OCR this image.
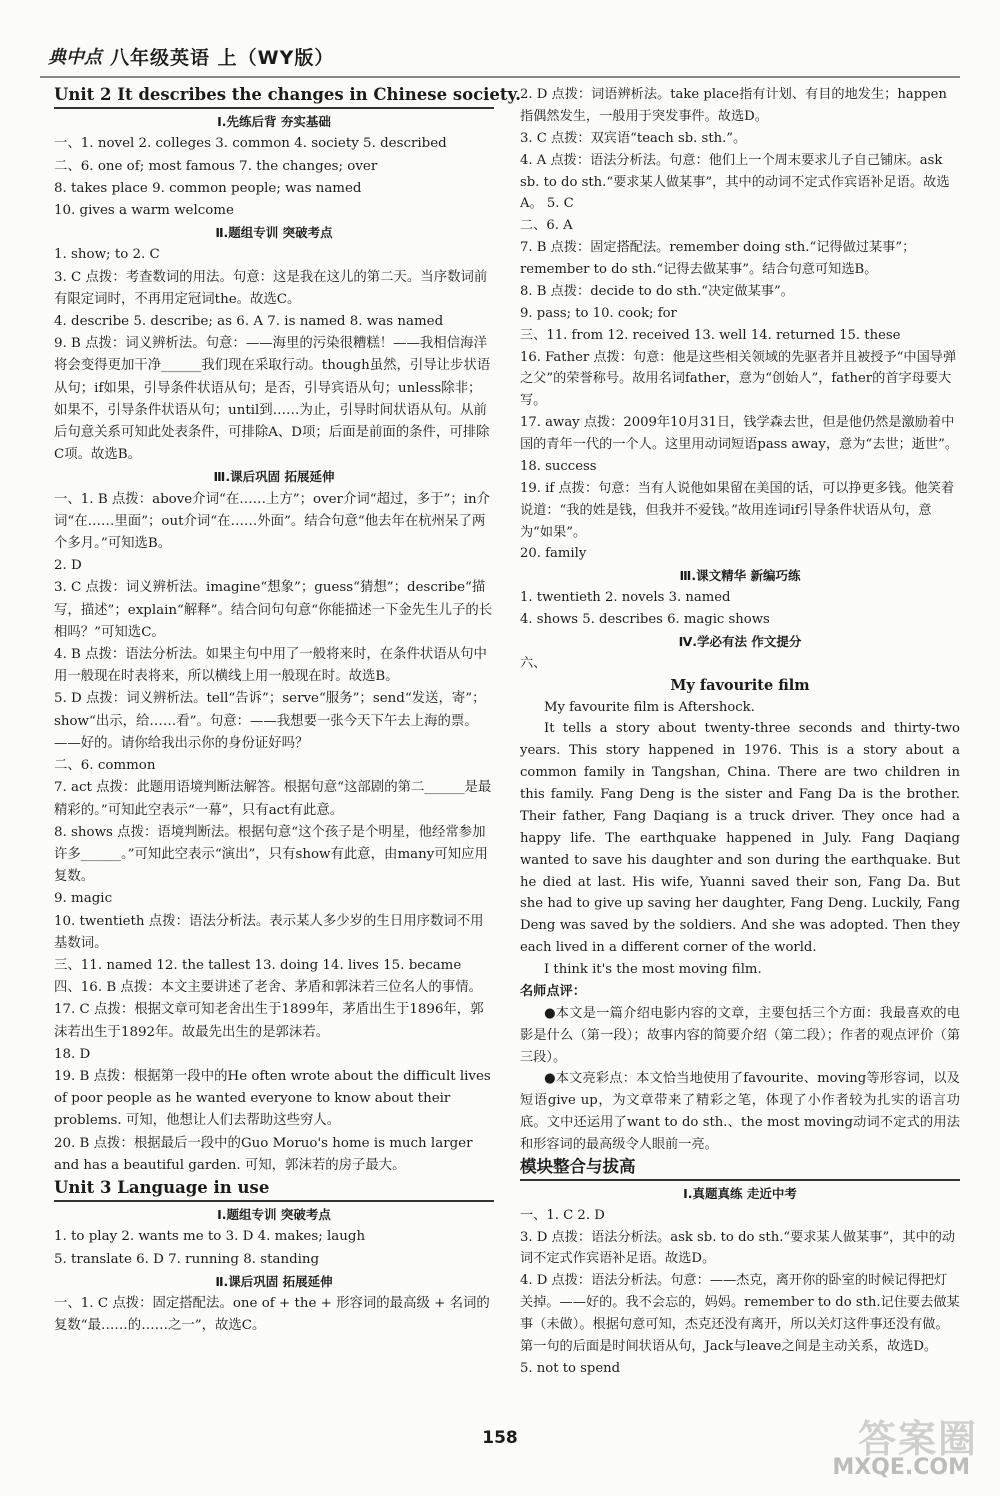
典中点 八年级英语 上（WY版）
Unit 2 It describes the changes in Chinese society.
Ⅰ.先练后背 夯实基础
一、1. novel 2. colleges 3. common 4. society 5. described
二、6. one of; most famous 7. the changes; over
8. takes place 9. common people; was named
10. gives a warm welcome
Ⅱ.题组专训 突破考点
1. show; to 2. C
3. C 点拨：考查数词的用法。句意：这是我在这儿的第二天。当序数词前有限定词时，不再用定冠词the。故选C。
4. describe 5. describe; as 6. A 7. is named 8. was named
9. B 点拨：词义辨析法。句意：——海里的污染很糟糕！——我相信海洋将会变得更加干净______我们现在采取行动。though虽然，引导让步状语从句；if如果，引导条件状语从句；是否，引导宾语从句；unless除非；如果不，引导条件状语从句；until到……为止，引导时间状语从句。从前后句意关系可知此处表条件，可排除A、D项；后面是前面的条件，可排除C项。故选B。
Ⅲ.课后巩固 拓展延伸
一、1. B 点拨：above介词“在……上方”；over介词“超过，多于”；in介词“在……里面”；out介词“在……外面”。结合句意“他去年在杭州呆了两个多月。”可知选B。
2. D
3. C 点拨：词义辨析法。imagine“想象”；guess“猜想”；describe“描写，描述”；explain“解释”。结合问句句意“你能描述一下金先生儿子的长相吗？”可知选C。
4. B 点拨：语法分析法。如果主句中用了一般将来时，在条件状语从句中用一般现在时表将来，所以横线上用一般现在时。故选B。
5. D 点拨：词义辨析法。tell“告诉”；serve“服务”；send“发送，寄”；show“出示，给……看”。句意：——我想要一张今天下午去上海的票。——好的。请你给我出示你的身份证好吗？
二、6. common
7. act 点拨：此题用语境判断法解答。根据句意“这部剧的第二______是最精彩的。”可知此空表示“一幕”，只有act有此意。
8. shows 点拨：语境判断法。根据句意“这个孩子是个明星，他经常参加许多______。”可知此空表示“演出”，只有show有此意，由many可知应用复数。
9. magic
10. twentieth 点拨：语法分析法。表示某人多少岁的生日用序数词不用基数词。
三、11. named 12. the tallest 13. doing 14. lives 15. became
四、16. B 点拨：本文主要讲述了老舍、茅盾和郭沫若三位名人的事情。
17. C 点拨：根据文章可知老舍出生于1899年，茅盾出生于1896年，郭沫若出生于1892年。故最先出生的是郭沫若。
18. D
19. B 点拨：根据第一段中的He often wrote about the difficult lives of poor people as he wanted everyone to know about their problems. 可知，他想让人们去帮助这些穷人。
20. B 点拨：根据最后一段中的Guo Moruo's home is much larger and has a beautiful garden. 可知，郭沫若的房子最大。
Unit 3 Language in use
Ⅰ.题组专训 突破考点
1. to play 2. wants me to 3. D 4. makes; laugh
5. translate 6. D 7. running 8. standing
Ⅱ.课后巩固 拓展延伸
一、1. C 点拨：固定搭配法。one of + the + 形容词的最高级 + 名词的复数“最……的……之一”，故选C。
2. D 点拨：词语辨析法。take place指有计划、有目的地发生；happen指偶然发生，一般用于突发事件。故选D。
3. C 点拨：双宾语“teach sb. sth.”。
4. A 点拨：语法分析法。句意：他们上一个周末要求儿子自己铺床。ask sb. to do sth.“要求某人做某事”，其中的动词不定式作宾语补足语。故选A。 5. C
二、6. A
7. B 点拨：固定搭配法。remember doing sth.“记得做过某事”；remember to do sth.“记得去做某事”。结合句意可知选B。
8. B 点拨：decide to do sth.“决定做某事”。
9. pass; to 10. cook; for
三、11. from 12. received 13. well 14. returned 15. these
16. Father 点拨：句意：他是这些相关领域的先驱者并且被授予“中国导弹之父”的荣誉称号。故用名词father，意为“创始人”，father的首字母要大写。
17. away 点拨：2009年10月31日，钱学森去世，但是他仍然是激励着中国的青年一代的一个人。这里用动词短语pass away，意为“去世；逝世”。
18. success
19. if 点拨：句意：当有人说他如果留在美国的话，可以挣更多钱。他笑着说道：“我的姓是钱，但我并不爱钱。”故用连词if引导条件状语从句，意为“如果”。
20. family
Ⅲ.课文精华 新编巧练
1. twentieth 2. novels 3. named
4. shows 5. describes 6. magic shows
Ⅳ.学必有法 作文提分
六、
My favourite film
My favourite film is Aftershock.
It tells a story about twenty-three seconds and thirty-two years. This story happened in 1976. This is a story about a common family in Tangshan, China. There are two children in this family. Fang Deng is the sister and Fang Da is the brother. Their father, Fang Daqiang is a truck driver. They once had a happy life. The earthquake happened in July. Fang Daqiang wanted to save his daughter and son during the earthquake. But he died at last. His wife, Yuanni saved their son, Fang Da. But she had to give up saving her daughter, Fang Deng. Luckily, Fang Deng was saved by the soldiers. And she was adopted. Then they each lived in a different corner of the world.
I think it's the most moving film.
名师点评：
●本文是一篇介绍电影内容的文章，主要包括三个方面：我最喜欢的电影是什么（第一段）；故事内容的简要介绍（第二段）；作者的观点评价（第三段）。
●本文亮彩点：本文恰当地使用了favourite、moving等形容词，以及短语give up，为文章带来了精彩之笔，体现了小作者较为扎实的语言功底。文中还运用了want to do sth.、the most moving动词不定式的用法和形容词的最高级令人眼前一亮。
模块整合与拔高
Ⅰ.真题真练 走近中考
一、1. C 2. D
3. D 点拨：语法分析法。ask sb. to do sth.“要求某人做某事”，其中的动词不定式作宾语补足语。故选D。
4. D 点拨：语法分析法。句意：——杰克，离开你的卧室的时候记得把灯关掉。——好的。我不会忘的，妈妈。remember to do sth.记住要去做某事（未做）。根据句意可知，杰克还没有离开，所以关灯这件事还没有做。第一句的后面是时间状语从句，Jack与leave之间是主动关系，故选D。
5. not to spend
158	答案圈
MXQE.COM
